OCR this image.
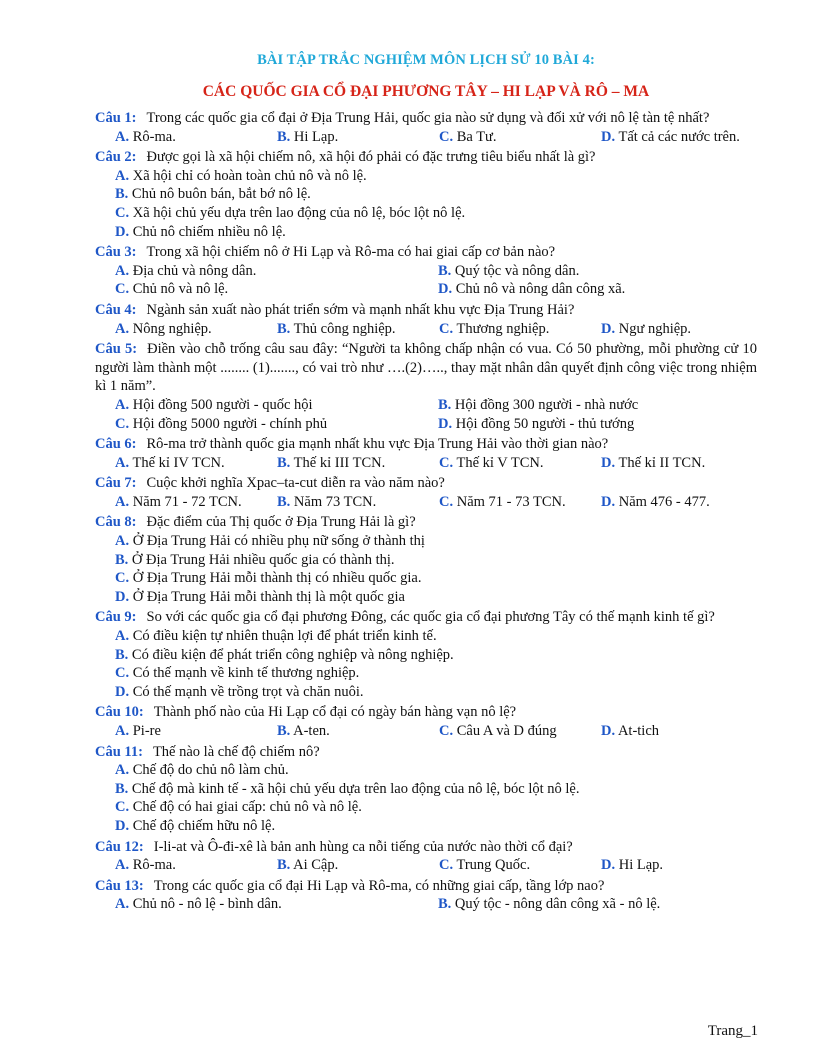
BÀI TẬP TRẮC NGHIỆM MÔN LỊCH SỬ 10 BÀI 4:
CÁC QUỐC GIA CỔ ĐẠI PHƯƠNG TÂY – HI LẠP VÀ RÔ – MA
Câu 1: Trong các quốc gia cổ đại ở Địa Trung Hải, quốc gia nào sử dụng và đối xử với nô lệ tàn tệ nhất?
A. Rô-ma.	B. Hi Lạp.	C. Ba Tư.	D. Tất cả các nước trên.
Câu 2: Được gọi là xã hội chiếm nô, xã hội đó phải có đặc trưng tiêu biểu nhất là gì?
A. Xã hội chỉ có hoàn toàn chủ nô và nô lệ.
B. Chủ nô buôn bán, bắt bớ nô lệ.
C. Xã hội chủ yếu dựa trên lao động của nô lệ, bóc lột nô lệ.
D. Chủ nô chiếm nhiều nô lệ.
Câu 3: Trong xã hội chiếm nô ở Hi Lạp và Rô-ma có hai giai cấp cơ bản nào?
A. Địa chủ và nông dân.	B. Quý tộc và nông dân.
C. Chủ nô và nô lệ.	D. Chủ nô và nông dân công xã.
Câu 4: Ngành sản xuất nào phát triển sớm và mạnh nhất khu vực Địa Trung Hải?
A. Nông nghiệp.	B. Thủ công nghiệp.	C. Thương nghiệp.	D. Ngư nghiệp.
Câu 5: Điền vào chỗ trống câu sau đây: “Người ta không chấp nhận có vua. Có 50 phường, mỗi phường cử 10 người làm thành một ........ (1)......., có vai trò như ….(2)….., thay mặt nhân dân quyết định công việc trong nhiệm kì 1 năm”.
A. Hội đồng 500 người - quốc hội	B. Hội đồng 300 người - nhà nước
C. Hội đồng 5000 người - chính phủ	D. Hội đồng 50 người - thủ tướng
Câu 6: Rô-ma trở thành quốc gia mạnh nhất khu vực Địa Trung Hải vào thời gian nào?
A. Thế kỉ IV TCN.	B. Thế kỉ III TCN.	C. Thế kỉ V TCN.	D. Thế kỉ II TCN.
Câu 7: Cuộc khởi nghĩa Xpac–ta-cut diễn ra vào năm nào?
A. Năm 71 - 72 TCN.	B. Năm 73 TCN.	C. Năm 71 - 73 TCN.	D. Năm 476 - 477.
Câu 8: Đặc điểm của Thị quốc ở Địa Trung Hải là gì?
A. Ở Địa Trung Hải có nhiều phụ nữ sống ở thành thị
B. Ở Địa Trung Hải nhiều quốc gia có thành thị.
C. Ở Địa Trung Hải mỗi thành thị có nhiều quốc gia.
D. Ở Địa Trung Hải mỗi thành thị là một quốc gia
Câu 9: So với các quốc gia cổ đại phương Đông, các quốc gia cổ đại phương Tây có thế mạnh kinh tế gì?
A. Có điều kiện tự nhiên thuận lợi để phát triển kinh tế.
B. Có điều kiện để phát triển công nghiệp và nông nghiệp.
C. Có thế mạnh về kinh tế thương nghiệp.
D. Có thế mạnh về trồng trọt và chăn nuôi.
Câu 10: Thành phố nào của Hi Lạp cổ đại có ngày bán hàng vạn nô lệ?
A. Pi-re	B. A-ten.	C. Câu A và D đúng	D. At-tich
Câu 11: Thế nào là chế độ chiếm nô?
A. Chế độ do chủ nô làm chủ.
B. Chế độ mà kinh tế - xã hội chủ yếu dựa trên lao động của nô lệ, bóc lột nô lệ.
C. Chế độ có hai giai cấp: chủ nô và nô lệ.
D. Chế độ chiếm hữu nô lệ.
Câu 12: I-li-at và Ô-đi-xê là bản anh hùng ca nỗi tiếng của nước nào thời cổ đại?
A. Rô-ma.	B. Ai Cập.	C. Trung Quốc.	D. Hi Lạp.
Câu 13: Trong các quốc gia cổ đại Hi Lạp và Rô-ma, có những giai cấp, tầng lớp nao?
A. Chủ nô - nô lệ - bình dân.	B. Quý tộc - nông dân công xã - nô lệ.
Trang_1
